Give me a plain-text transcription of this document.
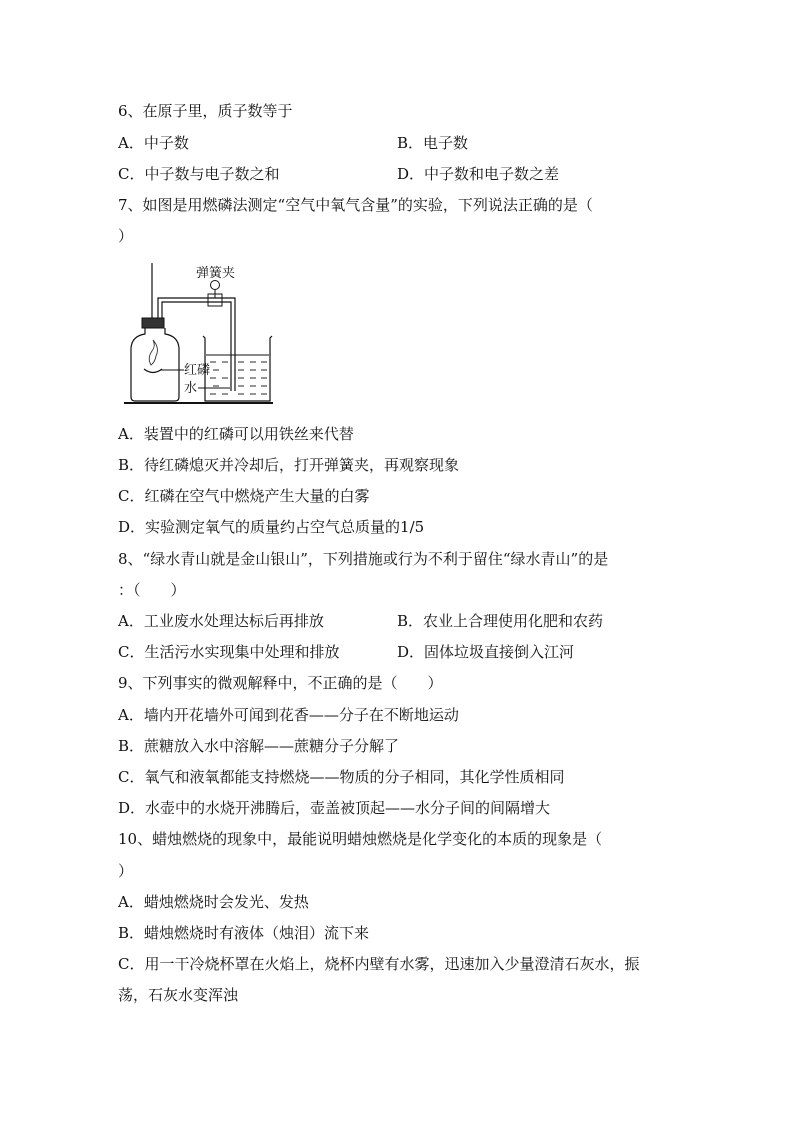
6、在原子里，质子数等于
A．中子数	B．电子数
C．中子数与电子数之和	D．中子数和电子数之差
7、如图是用燃磷法测定“空气中氧气含量”的实验，下列说法正确的是（
）
弹簧夹
红磷
水
A．装置中的红磷可以用铁丝来代替
B．待红磷熄灭并冷却后，打开弹簧夹，再观察现象
C．红磷在空气中燃烧产生大量的白雾
D．实验测定氧气的质量约占空气总质量的1/5
8、“绿水青山就是金山银山”，下列措施或行为不利于留住“绿水青山”的是
：（　　）
A．工业废水处理达标后再排放	B．农业上合理使用化肥和农药
C．生活污水实现集中处理和排放	D．固体垃圾直接倒入江河
9、下列事实的微观解释中，不正确的是（　　）
A．墙内开花墙外可闻到花香——分子在不断地运动
B．蔗糖放入水中溶解——蔗糖分子分解了
C．氧气和液氧都能支持燃烧——物质的分子相同，其化学性质相同
D．水壶中的水烧开沸腾后，壶盖被顶起——水分子间的间隔增大
10、蜡烛燃烧的现象中，最能说明蜡烛燃烧是化学变化的本质的现象是（
）
A．蜡烛燃烧时会发光、发热
B．蜡烛燃烧时有液体（烛泪）流下来
C．用一干冷烧杯罩在火焰上，烧杯内壁有水雾，迅速加入少量澄清石灰水，振
荡，石灰水变浑浊
